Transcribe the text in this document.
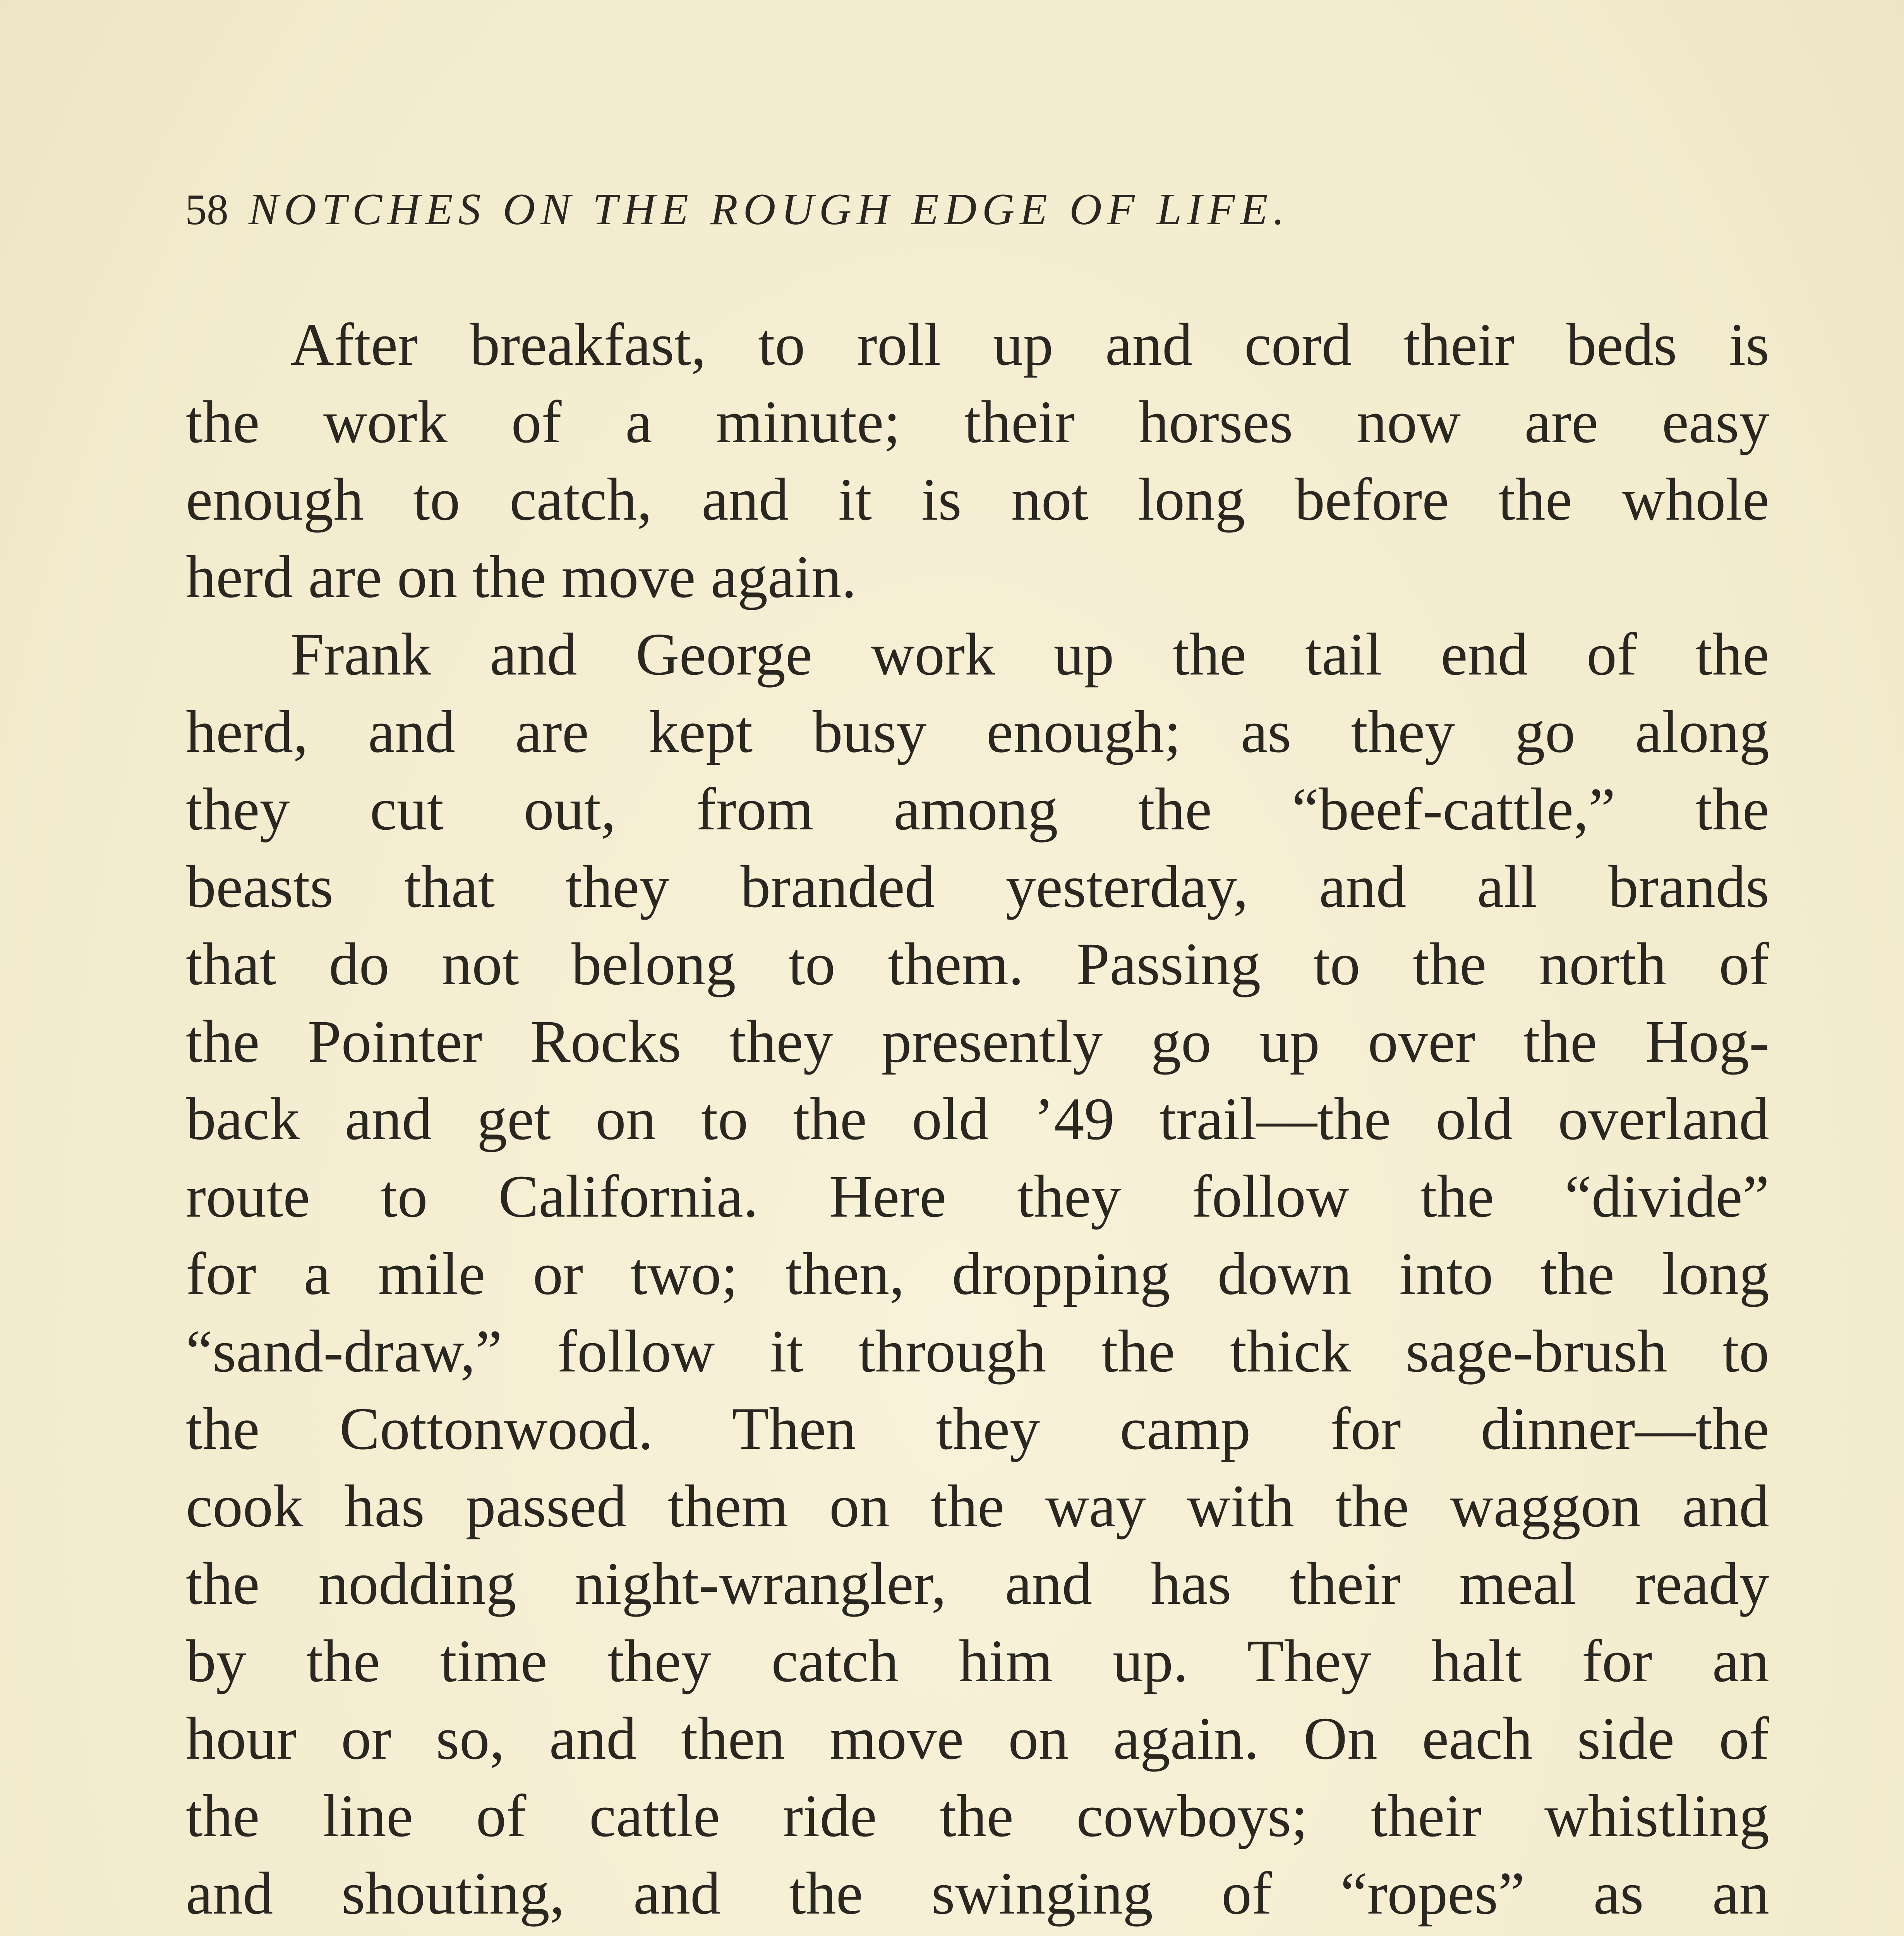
58 NOTCHES ON THE ROUGH EDGE OF LIFE.
After breakfast, to roll up and cord their beds is
the work of a minute; their horses now are easy
enough to catch, and it is not long before the whole
herd are on the move again.
Frank and George work up the tail end of the
herd, and are kept busy enough; as they go along
they cut out, from among the “beef-cattle,” the
beasts that they branded yesterday, and all brands
that do not belong to them. Passing to the north of
the Pointer Rocks they presently go up over the Hog-
back and get on to the old ’49 trail—the old overland
route to California. Here they follow the “divide”
for a mile or two; then, dropping down into the long
“sand-draw,” follow it through the thick sage-brush to
the Cottonwood. Then they camp for dinner—the
cook has passed them on the way with the waggon and
the nodding night-wrangler, and has their meal ready
by the time they catch him up. They halt for an
hour or so, and then move on again. On each side of
the line of cattle ride the cowboys; their whistling
and shouting, and the swinging of “ropes” as an
